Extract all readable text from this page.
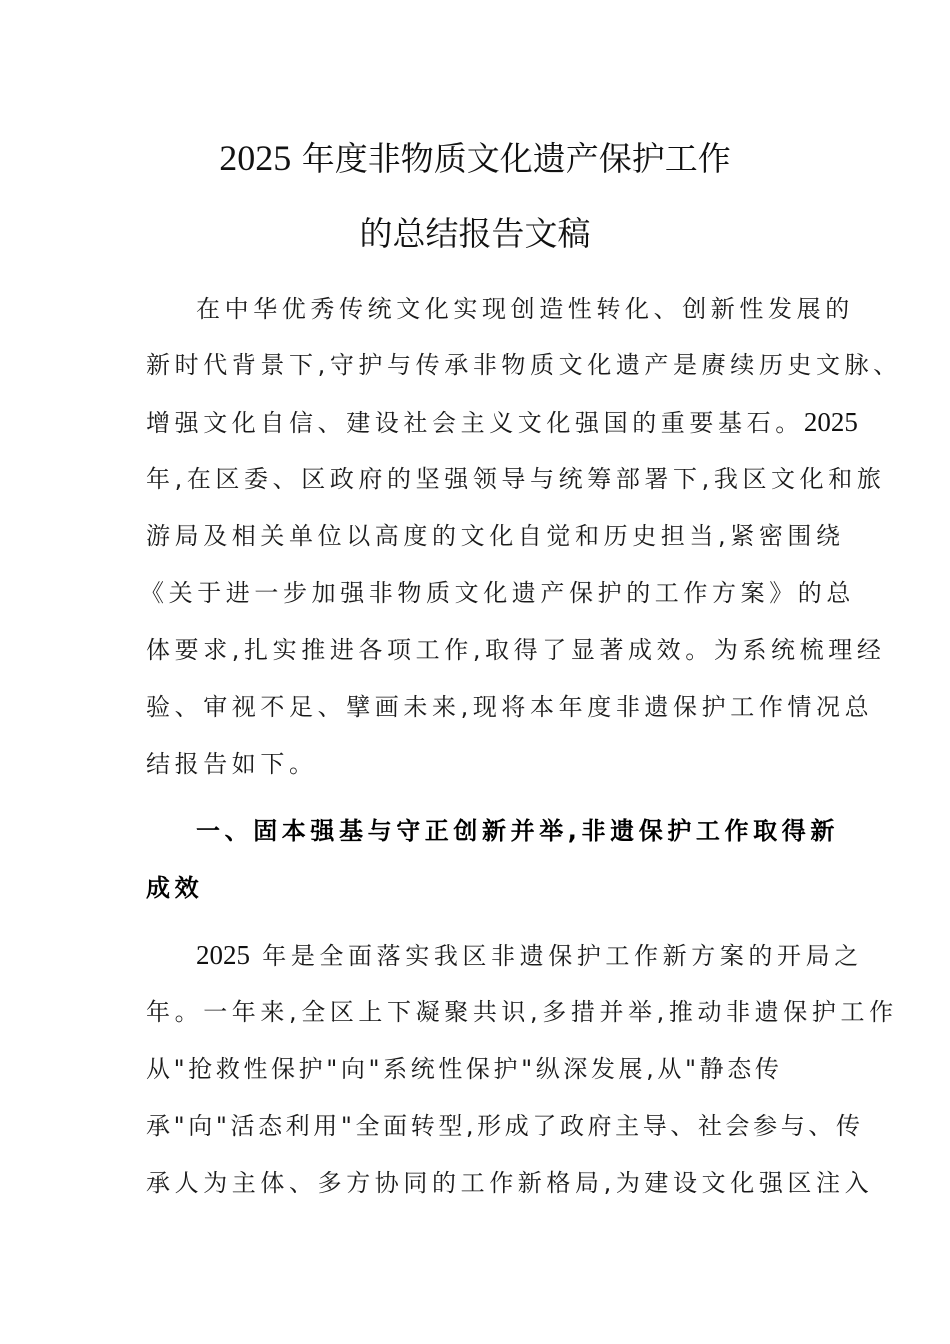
2025 年度非物质文化遗产保护工作
的总结报告文稿
在中华优秀传统文化实现创造性转化、创新性发展的
新时代背景下,守护与传承非物质文化遗产是赓续历史文脉、
增强文化自信、建设社会主义文化强国的重要基石。2025
年,在区委、区政府的坚强领导与统筹部署下,我区文化和旅
游局及相关单位以高度的文化自觉和历史担当,紧密围绕
《关于进一步加强非物质文化遗产保护的工作方案》的总
体要求,扎实推进各项工作,取得了显著成效。为系统梳理经
验、审视不足、擘画未来,现将本年度非遗保护工作情况总
结报告如下。
一、固本强基与守正创新并举,非遗保护工作取得新
成效
2025 年是全面落实我区非遗保护工作新方案的开局之
年。一年来,全区上下凝聚共识,多措并举,推动非遗保护工作
从"抢救性保护"向"系统性保护"纵深发展,从"静态传
承"向"活态利用"全面转型,形成了政府主导、社会参与、传
承人为主体、多方协同的工作新格局,为建设文化强区注入
